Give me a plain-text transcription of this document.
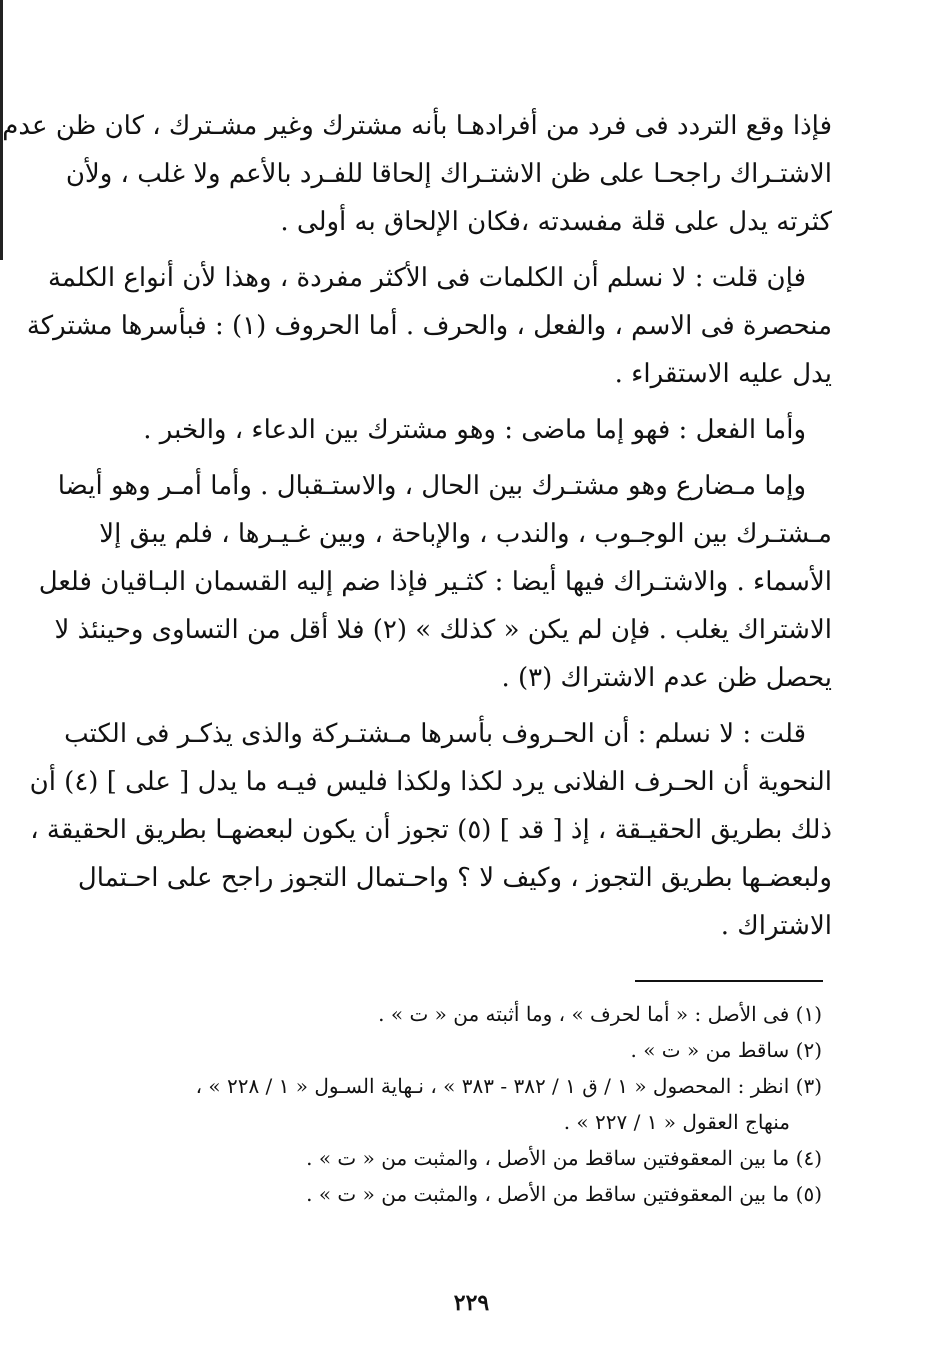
فإذا وقع التردد فى فرد من أفرادهـا بأنه مشترك وغير مشـترك ، كان ظن عدم
الاشتـراك راجحـا على ظن الاشتـراك إلحاقا للفـرد بالأعم ولا غلب ، ولأن
كثرته يدل على قلة مفسدته ،فكان الإلحاق به أولى .
فإن قلت : لا نسلم أن الكلمات فى الأكثر مفردة ، وهذا لأن أنواع الكلمة
منحصرة فى الاسم ، والفعل ، والحرف . أما الحروف (١) : فبأسرها مشتركة
يدل عليه الاستقراء .
وأما الفعل : فهو إما ماضى : وهو مشترك بين الدعاء ، والخبر .
وإما مـضارع وهو مشتـرك بين الحال ، والاستـقبال . وأما أمـر وهو أيضا
مـشتـرك بين الوجـوب ، والندب ، والإباحة ، وبين غـيـرها ، فلم يبق إلا
الأسماء . والاشتـراك فيها أيضا : كثـير فإذا ضم إليه القسمان البـاقيان فلعل
الاشتراك يغلب . فإن لم يكن « كذلك » (٢) فلا أقل من التساوى وحينئذ لا
يحصل ظن عدم الاشتراك (٣) .
قلت : لا نسلم : أن الحـروف بأسرها مـشتـركة والذى يذكـر فى الكتب
النحوية أن الحـرف الفلانى يرد لكذا ولكذا فليس فيـه ما يدل [ على ] (٤) أن
ذلك بطريق الحقيـقة ، إذ [ قد ] (٥) تجوز أن يكون لبعضهـا بطريق الحقيقة ،
ولبعضـها بطريق التجوز ، وكيف لا ؟ واحـتمال التجوز راجح على احـتمال
الاشتراك .
(١) فى الأصل : « أما لحرف » ، وما أثبته من « ت » .
(٢) ساقط من « ت » .
(٣) انظر : المحصول « ١ / ق ١ / ٣٨٢ - ٣٨٣ » ، نـهاية السـول « ١ / ٢٢٨ » ،
منهاج العقول « ١ / ٢٢٧ » .
(٤) ما بين المعقوفتين ساقط من الأصل ، والمثبت من « ت » .
(٥) ما بين المعقوفتين ساقط من الأصل ، والمثبت من « ت » .
٢٢٩
